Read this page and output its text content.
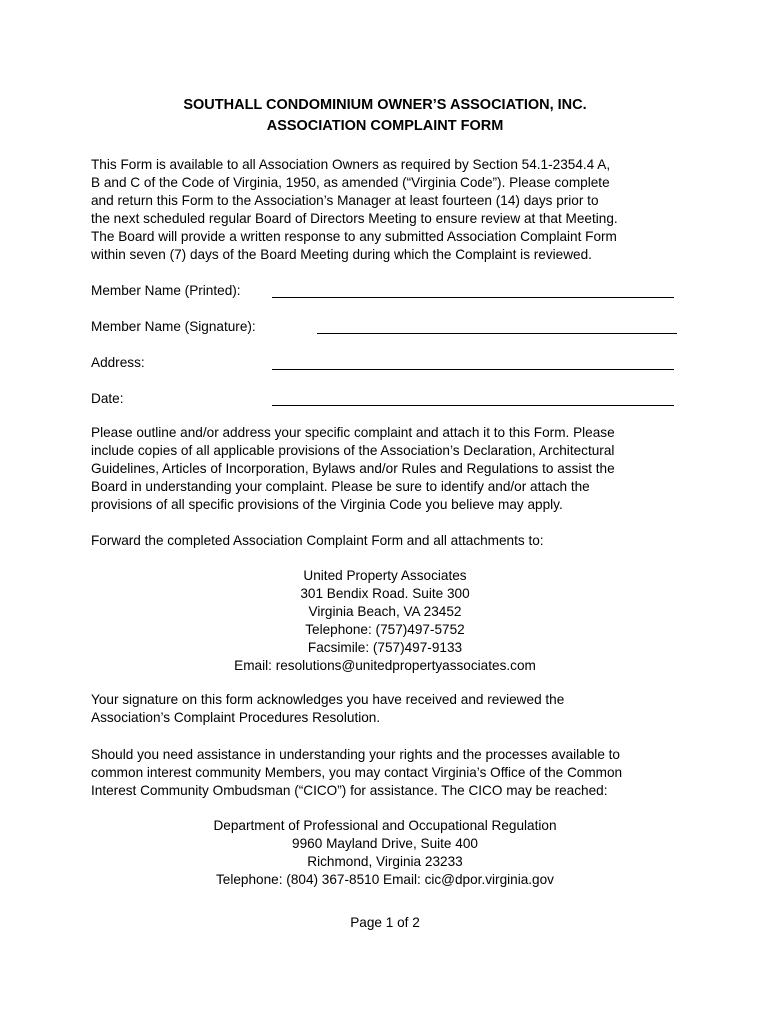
SOUTHALL CONDOMINIUM OWNER’S ASSOCIATION, INC.
ASSOCIATION COMPLAINT FORM
This Form is available to all Association Owners as required by Section 54.1-2354.4 A,
B and C of the Code of Virginia, 1950, as amended (“Virginia Code”). Please complete
and return this Form to the Association’s Manager at least fourteen (14) days prior to
the next scheduled regular Board of Directors Meeting to ensure review at that Meeting.
The Board will provide a written response to any submitted Association Complaint Form
within seven (7) days of the Board Meeting during which the Complaint is reviewed.
Member Name (Printed):
Member Name (Signature):
Address:
Date:
Please outline and/or address your specific complaint and attach it to this Form. Please
include copies of all applicable provisions of the Association’s Declaration, Architectural
Guidelines, Articles of Incorporation, Bylaws and/or Rules and Regulations to assist the
Board in understanding your complaint. Please be sure to identify and/or attach the
provisions of all specific provisions of the Virginia Code you believe may apply.
Forward the completed Association Complaint Form and all attachments to:
United Property Associates
301 Bendix Road. Suite 300
Virginia Beach, VA 23452
Telephone: (757)497-5752
Facsimile: (757)497-9133
Email: resolutions@unitedpropertyassociates.com
Your signature on this form acknowledges you have received and reviewed the
Association’s Complaint Procedures Resolution.
Should you need assistance in understanding your rights and the processes available to
common interest community Members, you may contact Virginia’s Office of the Common
Interest Community Ombudsman (“CICO”) for assistance. The CICO may be reached:
Department of Professional and Occupational Regulation
9960 Mayland Drive, Suite 400
Richmond, Virginia 23233
Telephone: (804) 367-8510 Email: cic@dpor.virginia.gov
Page 1 of 2
